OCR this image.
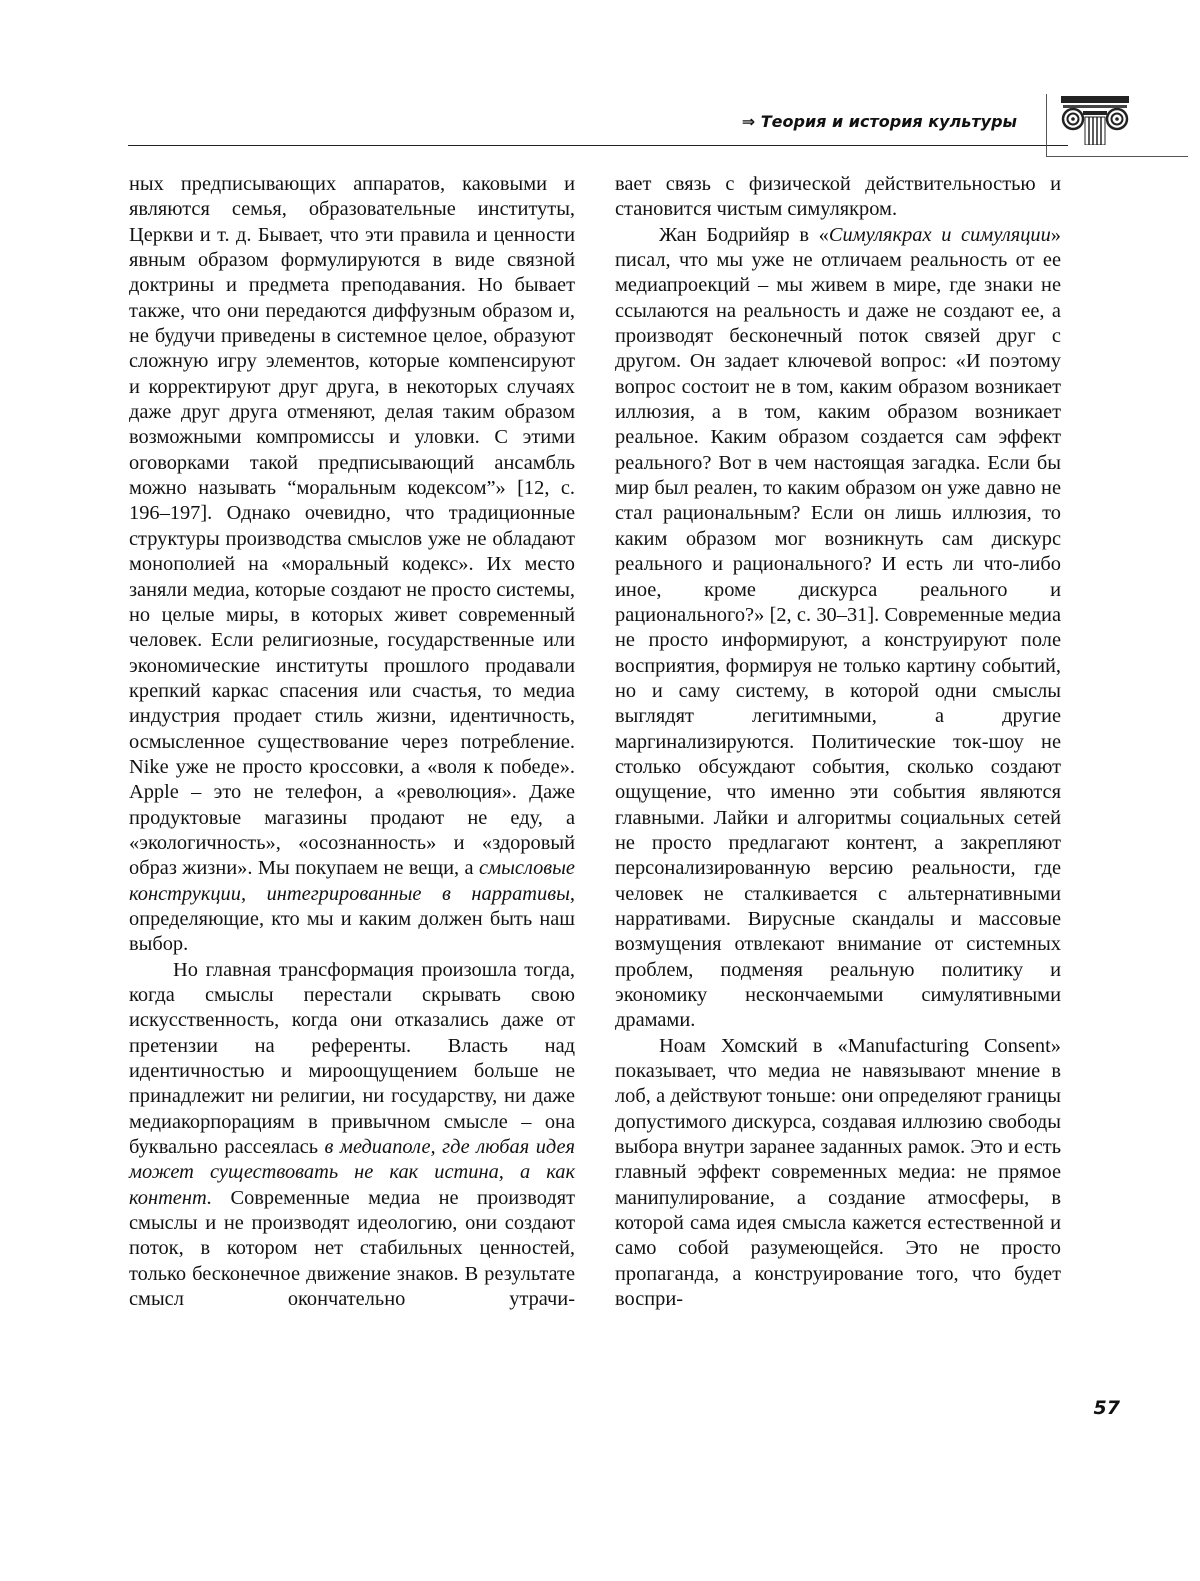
⇒ Теория и история культуры

ных предписывающих аппаратов, каковыми и являются семья, образовательные институты, Церкви и т. д. Бывает, что эти правила и ценности явным образом формулируются в виде связной доктрины и предмета преподавания. Но бывает также, что они передаются диффузным образом и, не будучи приведены в системное целое, образуют сложную игру элементов, которые компенсируют и корректируют друг друга, в некоторых случаях даже друг друга отменяют, делая таким образом возможными компромиссы и уловки. С этими оговорками такой предписывающий ансамбль можно называть “моральным кодексом”» [12, с. 196–197]. Однако очевидно, что традиционные структуры производства смыслов уже не обладают монополией на «моральный кодекс». Их место заняли медиа, которые создают не просто системы, но целые миры, в которых живет современный человек. Если религиозные, государственные или экономические институты прошлого продавали крепкий каркас спасения или счастья, то медиа индустрия продает стиль жизни, идентичность, осмысленное существование через потребление. Nike уже не просто кроссовки, а «воля к победе». Apple – это не телефон, а «революция». Даже продуктовые магазины продают не еду, а «экологичность», «осознанность» и «здоровый образ жизни». Мы покупаем не вещи, а смысловые конструкции, интегрированные в нарративы, определяющие, кто мы и каким должен быть наш выбор.

Но главная трансформация произошла тогда, когда смыслы перестали скрывать свою искусственность, когда они отказались даже от претензии на референты. Власть над идентичностью и мироощущением больше не принадлежит ни религии, ни государству, ни даже медиакорпорациям в привычном смысле – она буквально рассеялась в медиаполе, где любая идея может существовать не как истина, а как контент. Современные медиа не производят смыслы и не производят идеологию, они создают поток, в котором нет стабильных ценностей, только бесконечное движение знаков. В результате смысл окончательно утрачи-

вает связь с физической действительностью и становится чистым симулякром.

Жан Бодрийяр в «Симулякрах и симуляции» писал, что мы уже не отличаем реальность от ее медиапроекций – мы живем в мире, где знаки не ссылаются на реальность и даже не создают ее, а производят бесконечный поток связей друг с другом. Он задает ключевой вопрос: «И поэтому вопрос состоит не в том, каким образом возникает иллюзия, а в том, каким образом возникает реальное. Каким образом создается сам эффект реального? Вот в чем настоящая загадка. Если бы мир был реален, то каким образом он уже давно не стал рациональным? Если он лишь иллюзия, то каким образом мог возникнуть сам дискурс реального и рационального? И есть ли что-либо иное, кроме дискурса реального и рационального?» [2, с. 30–31]. Современные медиа не просто информируют, а конструируют поле восприятия, формируя не только картину событий, но и саму систему, в которой одни смыслы выглядят легитимными, а другие маргинализируются. Политические ток-шоу не столько обсуждают события, сколько создают ощущение, что именно эти события являются главными. Лайки и алгоритмы социальных сетей не просто предлагают контент, а закрепляют персонализированную версию реальности, где человек не сталкивается с альтернативными нарративами. Вирусные скандалы и массовые возмущения отвлекают внимание от системных проблем, подменяя реальную политику и экономику нескончаемыми симулятивными драмами.

Ноам Хомский в «Manufacturing Consent» показывает, что медиа не навязывают мнение в лоб, а действуют тоньше: они определяют границы допустимого дискурса, создавая иллюзию свободы выбора внутри заранее заданных рамок. Это и есть главный эффект современных медиа: не прямое манипулирование, а создание атмосферы, в которой сама идея смысла кажется естественной и само собой разумеющейся. Это не просто пропаганда, а конструирование того, что будет воспри-

57
